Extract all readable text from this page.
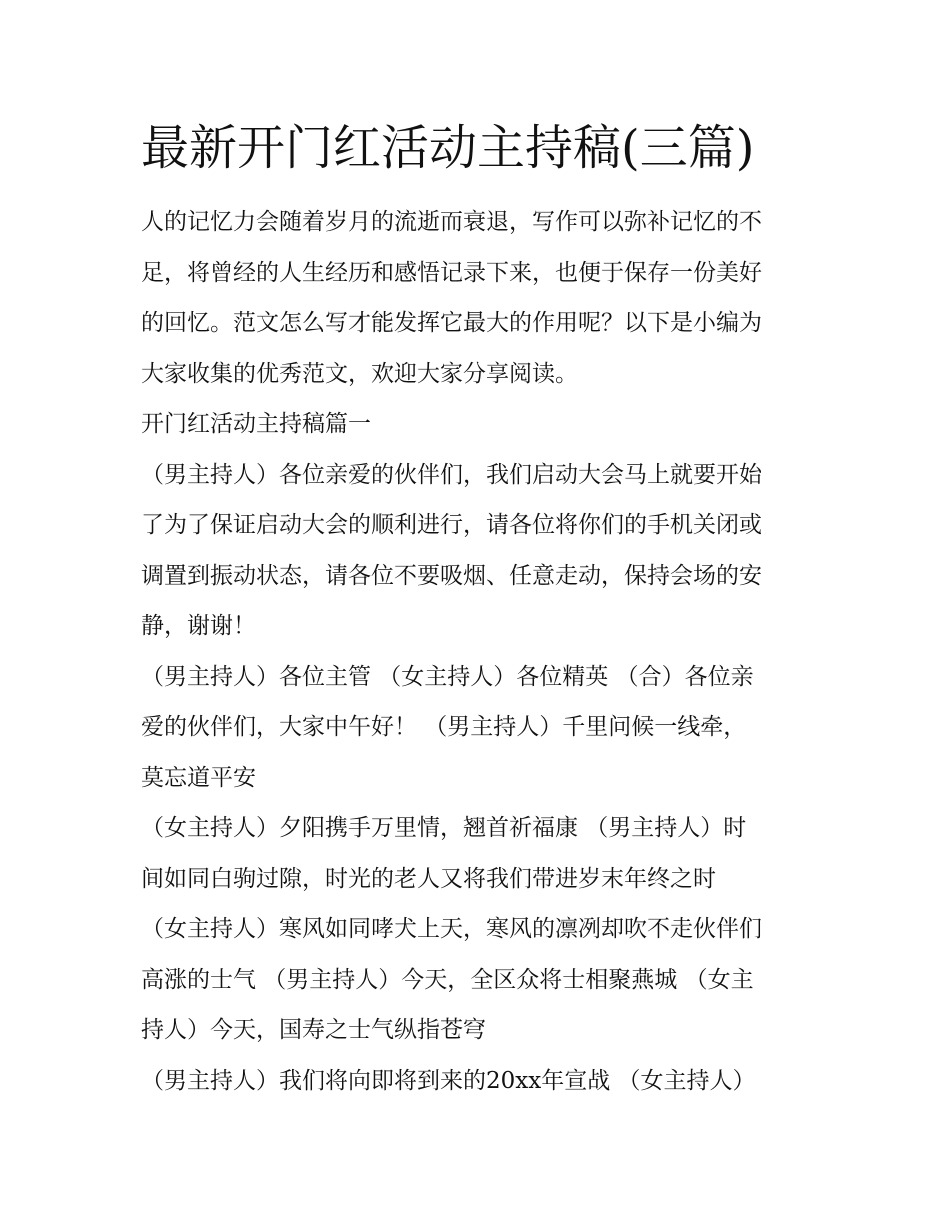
最新开门红活动主持稿(三篇)

人的记忆力会随着岁月的流逝而衰退，写作可以弥补记忆的不
足，将曾经的人生经历和感悟记录下来，也便于保存一份美好
的回忆。范文怎么写才能发挥它最大的作用呢？以下是小编为
大家收集的优秀范文，欢迎大家分享阅读。

开门红活动主持稿篇一

（男主持人）各位亲爱的伙伴们，我们启动大会马上就要开始
了为了保证启动大会的顺利进行，请各位将你们的手机关闭或
调置到振动状态，请各位不要吸烟、任意走动，保持会场的安
静，谢谢！

（男主持人）各位主管 （女主持人）各位精英 （合）各位亲
爱的伙伴们，大家中午好！ （男主持人）千里问候一线牵，
莫忘道平安

（女主持人）夕阳携手万里情，翘首祈福康 （男主持人）时
间如同白驹过隙，时光的老人又将我们带进岁末年终之时

（女主持人）寒风如同哮犬上天，寒风的凛冽却吹不走伙伴们
高涨的士气 （男主持人）今天，全区众将士相聚燕城 （女主
持人）今天，国寿之士气纵指苍穹

（男主持人）我们将向即将到来的20xx年宣战 （女主持人）
